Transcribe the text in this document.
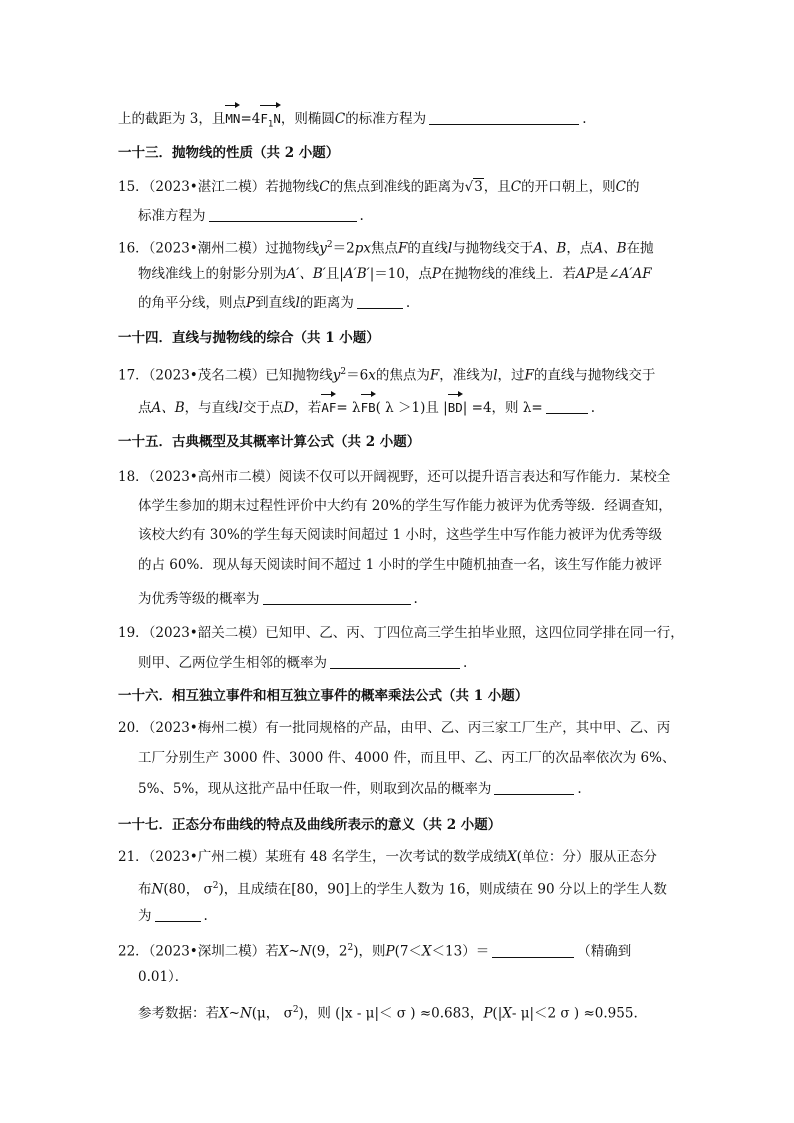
上的截距为 3，且$MN=4F_1N$，则椭圆C的标准方程为	.
一十三．抛物线的性质（共 2 小题）
15．（2023•湛江二模）若抛物线C的焦点到准线的距离为√3，且C的开口朝上，则C的
标准方程为	.
16．（2023•潮州二模）过抛物线$y^2=2px$焦点F的直线l与抛物线交于A、B，点A、B在抛
物线准线上的射影分别为A′、B′且|A′B′|＝10，点P在抛物线的准线上．若AP是∠A′AF
的角平分线，则点P到直线l的距离为	.
一十四．直线与抛物线的综合（共 1 小题）
17．（2023•茂名二模）已知抛物线$y^2=6x$的焦点为F，准线为l，过F的直线与抛物线交于
点A、B，与直线l交于点D，若AF= λFB( λ ＞1)且 |BD| =4，则 λ=	.
一十五．古典概型及其概率计算公式（共 2 小题）
18．（2023•高州市二模）阅读不仅可以开阔视野，还可以提升语言表达和写作能力．某校全
体学生参加的期末过程性评价中大约有 20%的学生写作能力被评为优秀等级．经调查知，
该校大约有 30%的学生每天阅读时间超过 1 小时，这些学生中写作能力被评为优秀等级
的占 60%．现从每天阅读时间不超过 1 小时的学生中随机抽查一名，该生写作能力被评
为优秀等级的概率为	.
19．（2023•韶关二模）已知甲、乙、丙、丁四位高三学生拍毕业照，这四位同学排在同一行，
则甲、乙两位学生相邻的概率为	.
一十六．相互独立事件和相互独立事件的概率乘法公式（共 1 小题）
20．（2023•梅州二模）有一批同规格的产品，由甲、乙、丙三家工厂生产，其中甲、乙、丙
工厂分别生产 3000 件、3000 件、4000 件，而且甲、乙、丙工厂的次品率依次为 6%、
5%、5%，现从这批产品中任取一件，则取到次品的概率为	.
一十七．正态分布曲线的特点及曲线所表示的意义（共 2 小题）
21．（2023•广州二模）某班有 48 名学生，一次考试的数学成绩X(单位：分）服从正态分
布N(80， $\sigma^2$)，且成绩在[80，90]上的学生人数为 16，则成绩在 90 分以上的学生人数
为	.
22．（2023•深圳二模）若X~N(9，$2^2$)，则P(7＜X＜13）＝	（精确到
0.01）．
参考数据：若X~N(μ， $\sigma^2$)，则 (|x - μ|＜ σ ) ≈0.683，P(|X- μ|＜2 σ ) ≈0.955.
